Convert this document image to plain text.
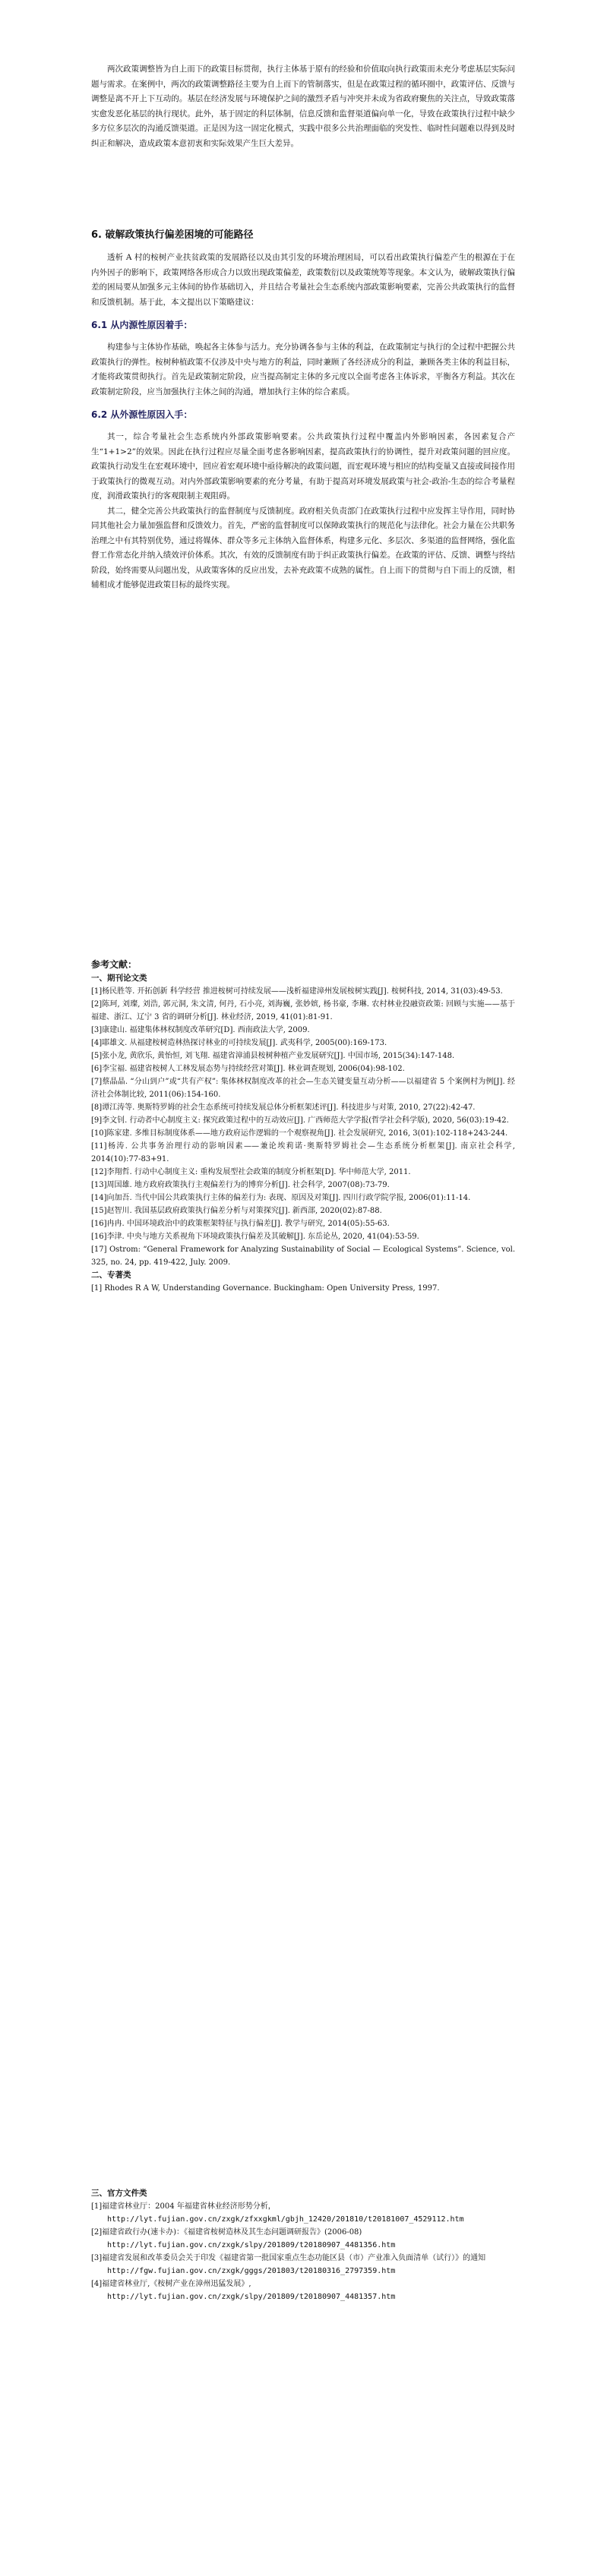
两次政策调整皆为自上而下的政策目标贯彻，执行主体基于原有的经验和价值取向执行政策而未充分考虑基层实际问题与需求。在案例中，两次的政策调整路径主要为自上而下的管制落实，但是在政策过程的循环圈中，政策评估、反馈与调整是离不开上下互动的。基层在经济发展与环境保护之间的激烈矛盾与冲突并未成为省政府聚焦的关注点，导致政策落实愈发恶化基层的执行现状。此外，基于固定的科层体制，信息反馈和监督渠道偏向单一化，导致在政策执行过程中缺少多方位多层次的沟通反馈渠道。正是因为这一固定化模式，实践中很多公共治理面临的突发性、临时性问题难以得到及时纠正和解决，造成政策本意初衷和实际效果产生巨大差异。

6. 破解政策执行偏差困境的可能路径

透析 A 村的桉树产业扶贫政策的发展路径以及由其引发的环境治理困局，可以看出政策执行偏差产生的根源在于在内外因子的影响下，政策网络各形成合力以致出现政策偏差，政策数衍以及政策统筹等现象。本文认为，破解政策执行偏差的困局要从加强多元主体间的协作基础切入，并且结合考量社会生态系统内部政策影响要素，完善公共政策执行的监督和反馈机制。基于此，本文提出以下策略建议：

6.1 从内源性原因着手：

构建参与主体协作基础，唤起各主体参与活力。充分协调各参与主体的利益，在政策制定与执行的全过程中把握公共政策执行的弹性。桉树种植政策不仅涉及中央与地方的利益，同时兼顾了各经济成分的利益，兼顾各类主体的利益目标，才能将政策贯彻执行。首先是政策制定阶段，应当提高制定主体的多元度以全面考虑各主体诉求，平衡各方利益。其次在政策制定阶段，应当加强执行主体之间的沟通，增加执行主体的综合素质。

6.2 从外源性原因入手：

其一，综合考量社会生态系统内外部政策影响要素。公共政策执行过程中覆盖内外影响因素，各因素复合产生“1+1>2”的效果。因此在执行过程应尽量全面考虑各影响因素，提高政策执行的协调性，提升对政策问题的回应度。政策执行动发生在宏观环境中，回应着宏观环境中亟待解决的政策问题，而宏观环境与相应的结构变量又直接或间接作用于政策执行的微观互动。对内外部政策影响要素的充分考量，有助于提高对环境发展政策与社会-政治-生态的综合考量程度，润滑政策执行的客观限制主观阻碍。

其二，健全完善公共政策执行的监督制度与反馈制度。政府相关负责部门在政策执行过程中应发挥主导作用，同时协同其他社会力量加强监督和反馈效力。首先，严密的监督制度可以保障政策执行的规范化与法律化。社会力量在公共职务治理之中有其特别优势，通过将媒体、群众等多元主体纳入监督体系，构建多元化、多层次、多渠道的监督网络，强化监督工作常态化并纳入绩效评价体系。其次，有效的反馈制度有助于纠正政策执行偏差。在政策的评估、反馈、调整与终结阶段，始终需要从问题出发，从政策客体的反应出发，去补充政策不成熟的属性。自上而下的贯彻与自下而上的反馈，相辅相成才能够促进政策目标的最终实现。

参考文献：
一、期刊论文类

[1]杨民胜等. 开拓创新 科学经营 推进桉树可持续发展——浅析福建漳州发展桉树实践[J]. 桉树科技, 2014, 31(03):49-53.

[2]陈珂, 刘璨, 刘浩, 郭元洞, 朱文清, 何丹, 石小亮, 刘海巍, 张妙嫔, 杨书豪, 李琳. 农村林业投融资政策: 回顾与实施——基于福建、浙江、辽宁 3 省的调研分析[J]. 林业经济, 2019, 41(01):81-91.

[3]康建山. 福建集体林权制度改革研究[D]. 西南政法大学, 2009.

[4]耶雄文. 从福建桉树造林热探讨林业的可持续发展[J]. 武夷科学, 2005(00):169-173.

[5]张小龙, 黄欣乐, 黄怡恒, 刘飞翔. 福建省漳浦县桉树种植产业发展研究[J]. 中国市场, 2015(34):147-148.

[6]李宝福. 福建省桉树人工林发展态势与持续经营对策[J]. 林业调查规划, 2006(04):98-102.

[7]蔡晶晶. “分山到户”或“共有产权”: 集体林权制度改革的社会—生态关键变量互动分析——以福建省 5 个案例村为例[J]. 经济社会体制比较, 2011(06):154-160.

[8]谭江涛等. 奥斯特罗姆的社会生态系统可持续发展总体分析框架述评[J]. 科技进步与对策, 2010, 27(22):42-47.

[9]李文钊. 行动者中心制度主义: 探究政策过程中的互动效应[J]. 广西师范大学学报(哲学社会科学版), 2020, 56(03):19-42.

[10]陈家建. 多维目标制度体系——地方政府运作逻辑的一个观察视角[J]. 社会发展研究, 2016, 3(01):102-118+243-244.

[11]杨涛. 公共事务治理行动的影响因素——兼论埃莉诺·奥斯特罗姆社会—生态系统分析框架[J]. 南京社会科学, 2014(10):77-83+91.

[12]李翔哲. 行动中心制度主义: 重构发展型社会政策的制度分析框架[D]. 华中师范大学, 2011.

[13]周国雄. 地方政府政策执行主观偏差行为的博弈分析[J]. 社会科学, 2007(08):73-79.

[14]向加吾. 当代中国公共政策执行主体的偏差行为: 表现、原因及对策[J]. 四川行政学院学报, 2006(01):11-14.

[15]赵智川. 我国基层政府政策执行偏差分析与对策探究[J]. 新西部, 2020(02):87-88.

[16]冉冉. 中国环境政治中的政策框架特征与执行偏差[J]. 教学与研究, 2014(05):55-63.

[16]李津. 中央与地方关系视角下环境政策执行偏差及其破解[J]. 东岳论丛, 2020, 41(04):53-59.

[17] Ostrom: “General Framework for Analyzing Sustainability of Social — Ecological Systems”. Science, vol. 325, no. 24, pp. 419-422, July. 2009.

二、专著类

[1] Rhodes R A W, Understanding Governance. Buckingham: Open University Press, 1997.

三、官方文件类

[1]福建省林业厅：2004 年福建省林业经济形势分析，

http://lyt.fujian.gov.cn/zxgk/zfxxgkml/gbjh_12420/201810/t20181007_4529112.htm

[2]福建省政行办(速卡办)：《福建省桉树造林及其生态问题调研报告》(2006-08)

http://lyt.fujian.gov.cn/zxgk/slpy/201809/t20180907_4481356.htm

[3]福建省发展和改革委员会关于印发《福建省第一批国家重点生态功能区县（市）产业准入负面清单（试行）》的通知

http://fgw.fujian.gov.cn/zxgk/gggs/201803/t20180316_2797359.htm

[4]福建省林业厅,《桉树产业在漳州迅猛发展》,

http://lyt.fujian.gov.cn/zxgk/slpy/201809/t20180907_4481357.htm
